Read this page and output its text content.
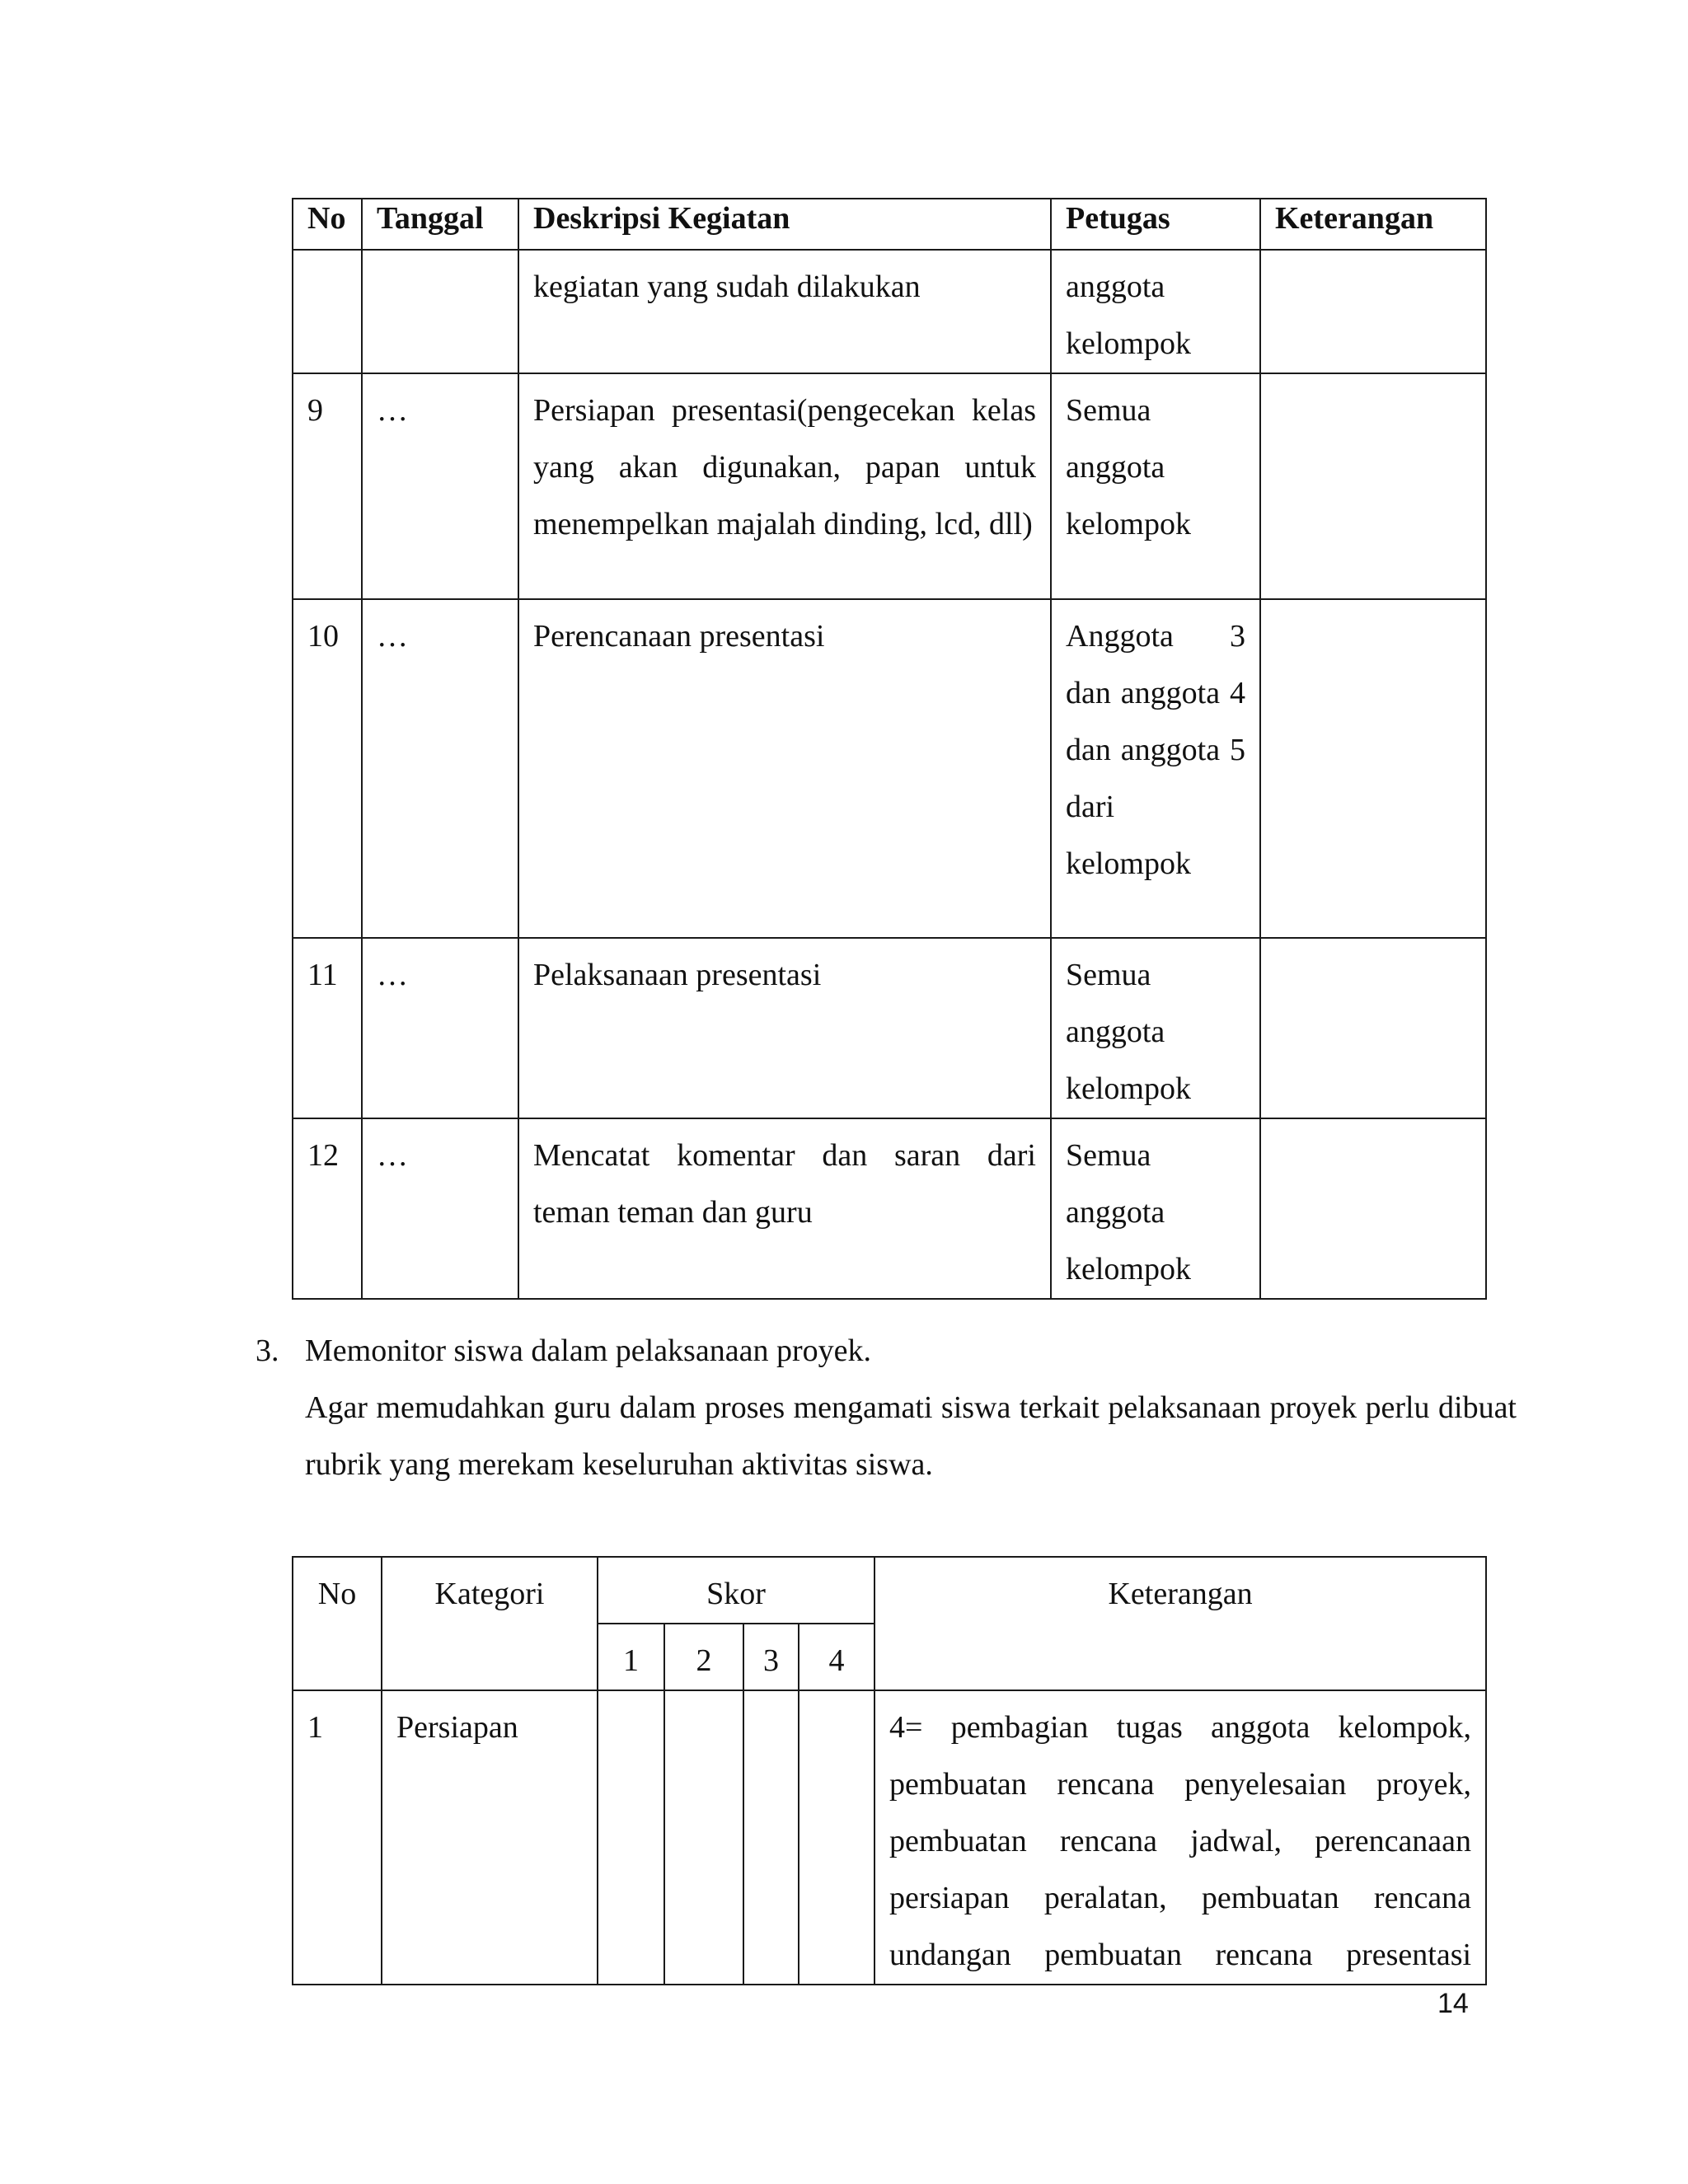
No	Tanggal	Deskripsi Kegiatan	Petugas	Keterangan
		kegiatan yang sudah dilakukan	anggota kelompok	
9	…	Persiapan presentasi(pengecekan kelas yang akan digunakan, papan untuk menempelkan majalah dinding, lcd, dll)	Semua anggota kelompok	
10	…	Perencanaan presentasi	Anggota 3 dan anggota 4 dan anggota 5 dari kelompok	
11	…	Pelaksanaan presentasi	Semua anggota kelompok	
12	…	Mencatat komentar dan saran dari teman teman dan guru	Semua anggota kelompok	
3. Memonitor siswa dalam pelaksanaan proyek.
Agar memudahkan guru dalam proses mengamati siswa terkait pelaksanaan proyek perlu dibuat rubrik yang merekam keseluruhan aktivitas siswa.
No	Kategori	Skor				Keterangan
		1	2	3	4	
1	Persiapan					4= pembagian tugas anggota kelompok, pembuatan rencana penyelesaian proyek, pembuatan rencana jadwal, perencanaan persiapan peralatan, pembuatan rencana undangan pembuatan rencana presentasi
14
